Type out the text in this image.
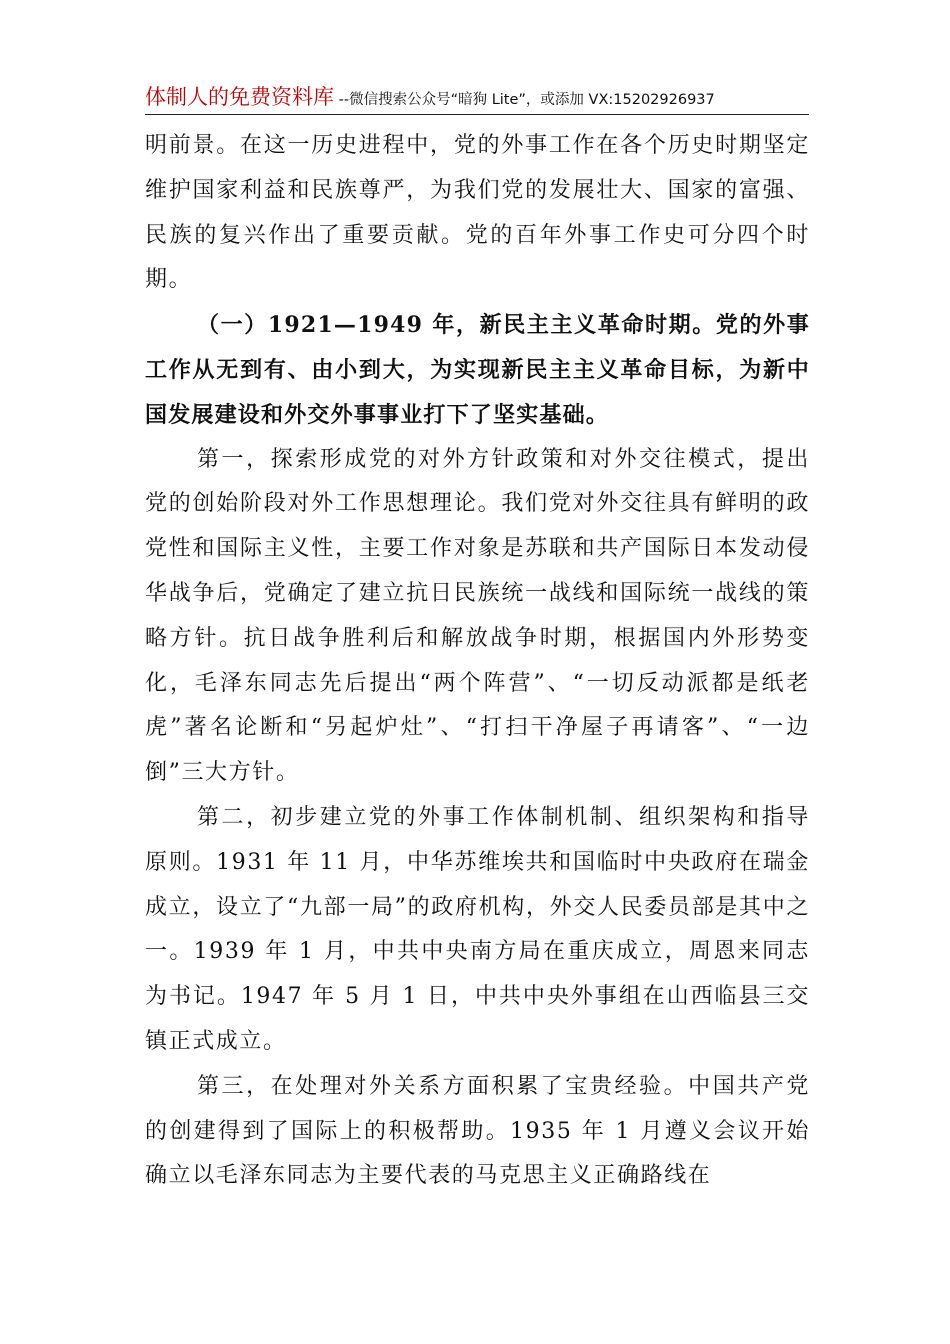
体制人的免费资料库 --微信搜索公众号“暗狗 Lite”，或添加 VX:15202926937

明前景。在这一历史进程中，党的外事工作在各个历史时期坚定维护国家利益和民族尊严，为我们党的发展壮大、国家的富强、民族的复兴作出了重要贡献。党的百年外事工作史可分四个时期。

（一）1921—1949 年，新民主主义革命时期。党的外事工作从无到有、由小到大，为实现新民主主义革命目标，为新中国发展建设和外交外事事业打下了坚实基础。

第一，探索形成党的对外方针政策和对外交往模式，提出党的创始阶段对外工作思想理论。我们党对外交往具有鲜明的政党性和国际主义性，主要工作对象是苏联和共产国际日本发动侵华战争后，党确定了建立抗日民族统一战线和国际统一战线的策略方针。抗日战争胜利后和解放战争时期，根据国内外形势变化，毛泽东同志先后提出“两个阵营”、“一切反动派都是纸老虎”著名论断和“另起炉灶”、“打扫干净屋子再请客”、“一边倒”三大方针。

第二，初步建立党的外事工作体制机制、组织架构和指导原则。1931 年 11 月，中华苏维埃共和国临时中央政府在瑞金成立，设立了“九部一局”的政府机构，外交人民委员部是其中之一。1939 年 1 月，中共中央南方局在重庆成立，周恩来同志为书记。1947 年 5 月 1 日，中共中央外事组在山西临县三交镇正式成立。

第三，在处理对外关系方面积累了宝贵经验。中国共产党的创建得到了国际上的积极帮助。1935 年 1 月遵义会议开始确立以毛泽东同志为主要代表的马克思主义正确路线在
